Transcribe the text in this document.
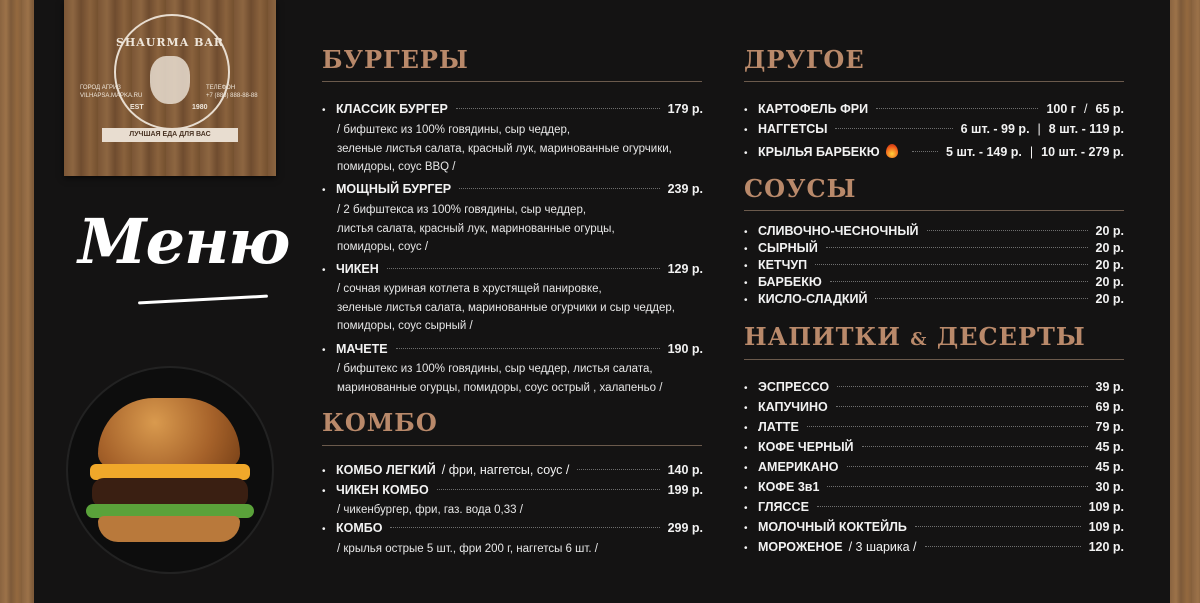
SHAURMA BAR
ГОРОД АГРИЗ
VILHAPSA.MAPKA.RU
ТЕЛЕФОН
+7 (888) 888-88-88
EST	1980
ЛУЧШАЯ ЕДА ДЛЯ ВАС
Меню
БУРГЕРЫ
• КЛАССИК БУРГЕР	179 р.
/ бифштекс из 100% говядины, сыр чеддер,
зеленые листья салата, красный лук, маринованные огурчики,
помидоры, соус BBQ /
• МОЩНЫЙ БУРГЕР	239 р.
/ 2 бифштекса из 100% говядины, сыр чеддер,
листья салата, красный лук, маринованные огурцы,
помидоры, соус /
• ЧИКЕН	129 р.
/ сочная куриная котлета в хрустящей панировке,
зеленые листья салата, маринованные огурчики и сыр чеддер,
помидоры, соус сырный /
• МАЧЕТЕ	190 р.
/ бифштекс из 100% говядины, сыр чеддер, листья салата,
маринованные огурцы, помидоры, соус острый , халапеньо /
КОМБО
• КОМБО ЛЕГКИЙ / фри, наггетсы, соус /	140 р.
• ЧИКЕН КОМБО	199 р.
/ чикенбургер, фри, газ. вода 0,33 /
• КОМБО	299 р.
/ крылья острые 5 шт., фри 200 г, наггетсы 6 шт. /
ДРУГОЕ
• КАРТОФЕЛЬ ФРИ	100 г / 65 р.
• НАГГЕТСЫ	6 шт. - 99 р. | 8 шт. - 119 р.
• КРЫЛЬЯ БАРБЕКЮ	5 шт. - 149 р. | 10 шт. - 279 р.
СОУСЫ
• СЛИВОЧНО-ЧЕСНОЧНЫЙ	20 р.
• СЫРНЫЙ	20 р.
• КЕТЧУП	20 р.
• БАРБЕКЮ	20 р.
• КИСЛО-СЛАДКИЙ	20 р.
НАПИТКИ & ДЕСЕРТЫ
• ЭСПРЕССО	39 р.
• КАПУЧИНО	69 р.
• ЛАТТЕ	79 р.
• КОФЕ ЧЕРНЫЙ	45 р.
• АМЕРИКАНО	45 р.
• КОФЕ 3в1	30 р.
• ГЛЯССЕ	109 р.
• МОЛОЧНЫЙ КОКТЕЙЛЬ	109 р.
• МОРОЖЕНОЕ / 3 шарика /	120 р.
